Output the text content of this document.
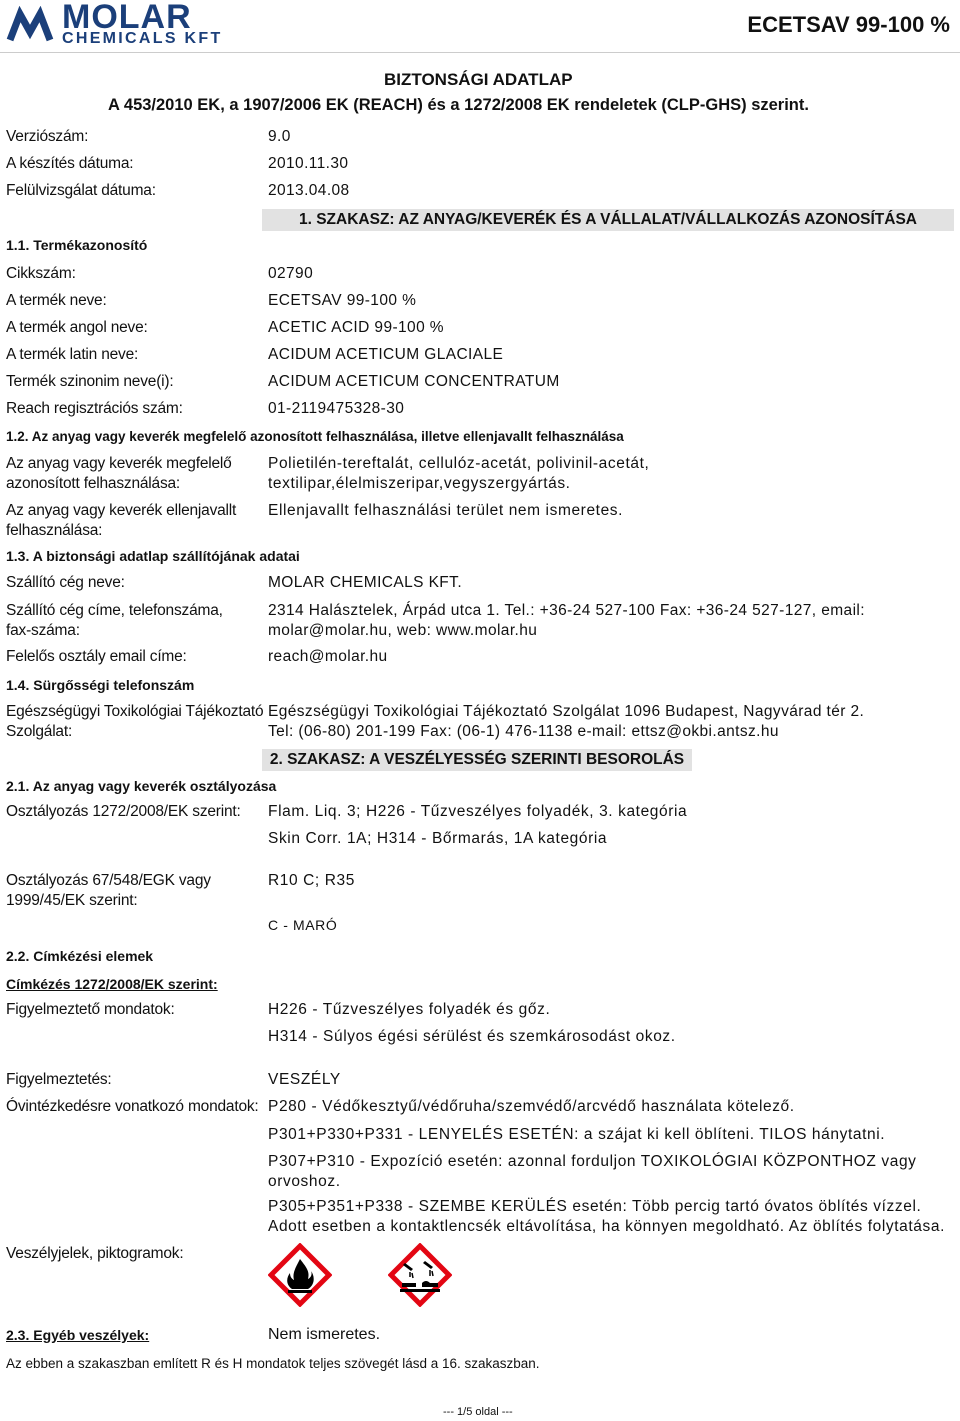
MOLAR
CHEMICALS KFT
ECETSAV 99-100 %
BIZTONSÁGI ADATLAP
A 453/2010 EK, a 1907/2006 EK (REACH) és a 1272/2008 EK rendeletek (CLP-GHS) szerint.
Verziószám:	9.0
A készítés dátuma:	2010.11.30
Felülvizsgálat dátuma:	2013.04.08
1. SZAKASZ: AZ ANYAG/KEVERÉK ÉS A VÁLLALAT/VÁLLALKOZÁS AZONOSÍTÁSA
1.1. Termékazonosító
Cikkszám:	02790
A termék neve:	ECETSAV 99-100 %
A termék angol neve:	ACETIC ACID 99-100 %
A termék latin neve:	ACIDUM ACETICUM GLACIALE
Termék szinonim neve(i):	ACIDUM ACETICUM CONCENTRATUM
Reach regisztrációs szám:	01-2119475328-30
1.2. Az anyag vagy keverék megfelelő azonosított felhasználása, illetve ellenjavallt felhasználása
Az anyag vagy keverék megfelelő
azonosított felhasználása:
Polietilén-tereftalát, cellulóz-acetát, polivinil-acetát,
textilipar,élelmiszeripar,vegyszergyártás.
Az anyag vagy keverék ellenjavallt
felhasználása:
Ellenjavallt felhasználási terület nem ismeretes.
1.3. A biztonsági adatlap szállítójának adatai
Szállító cég neve:	MOLAR CHEMICALS KFT.
Szállító cég címe, telefonszáma,
fax-száma:
2314 Halásztelek, Árpád utca 1. Tel.: +36-24 527-100 Fax: +36-24 527-127, email:
molar@molar.hu, web: www.molar.hu
Felelős osztály email címe:	reach@molar.hu
1.4. Sürgősségi telefonszám
Egészségügyi Toxikológiai Tájékoztató
Szolgálat:
Egészségügyi Toxikológiai Tájékoztató Szolgálat 1096 Budapest, Nagyvárad tér 2.
Tel: (06-80) 201-199 Fax: (06-1) 476-1138 e-mail: ettsz@okbi.antsz.hu
2. SZAKASZ: A VESZÉLYESSÉG SZERINTI BESOROLÁS
2.1. Az anyag vagy keverék osztályozása
Osztályozás 1272/2008/EK szerint: Flam. Liq. 3; H226 - Tűzveszélyes folyadék, 3. kategória
Skin Corr. 1A; H314 - Bőrmarás, 1A kategória
Osztályozás 67/548/EGK vagy
1999/45/EK szerint:
R10 C; R35
C - MARÓ
2.2. Címkézési elemek
Címkézés 1272/2008/EK szerint:
Figyelmeztető mondatok:	H226 - Tűzveszélyes folyadék és gőz.
H314 - Súlyos égési sérülést és szemkárosodást okoz.
Figyelmeztetés:	VESZÉLY
Óvintézkedésre vonatkozó mondatok: P280 - Védőkesztyű/védőruha/szemvédő/arcvédő használata kötelező.
P301+P330+P331 - LENYELÉS ESETÉN: a szájat ki kell öblíteni. TILOS hánytatni.
P307+P310 - Expozíció esetén: azonnal forduljon TOXIKOLÓGIAI KÖZPONTHOZ vagy
orvoshoz.
P305+P351+P338 - SZEMBE KERÜLÉS esetén: Több percig tartó óvatos öblítés vízzel.
Adott esetben a kontaktlencsék eltávolítása, ha könnyen megoldható. Az öblítés folytatása.
Veszélyjelek, piktogramok:
2.3. Egyéb veszélyek:	Nem ismeretes.
Az ebben a szakaszban említett R és H mondatok teljes szövegét lásd a 16. szakaszban.
--- 1/5 oldal ---
